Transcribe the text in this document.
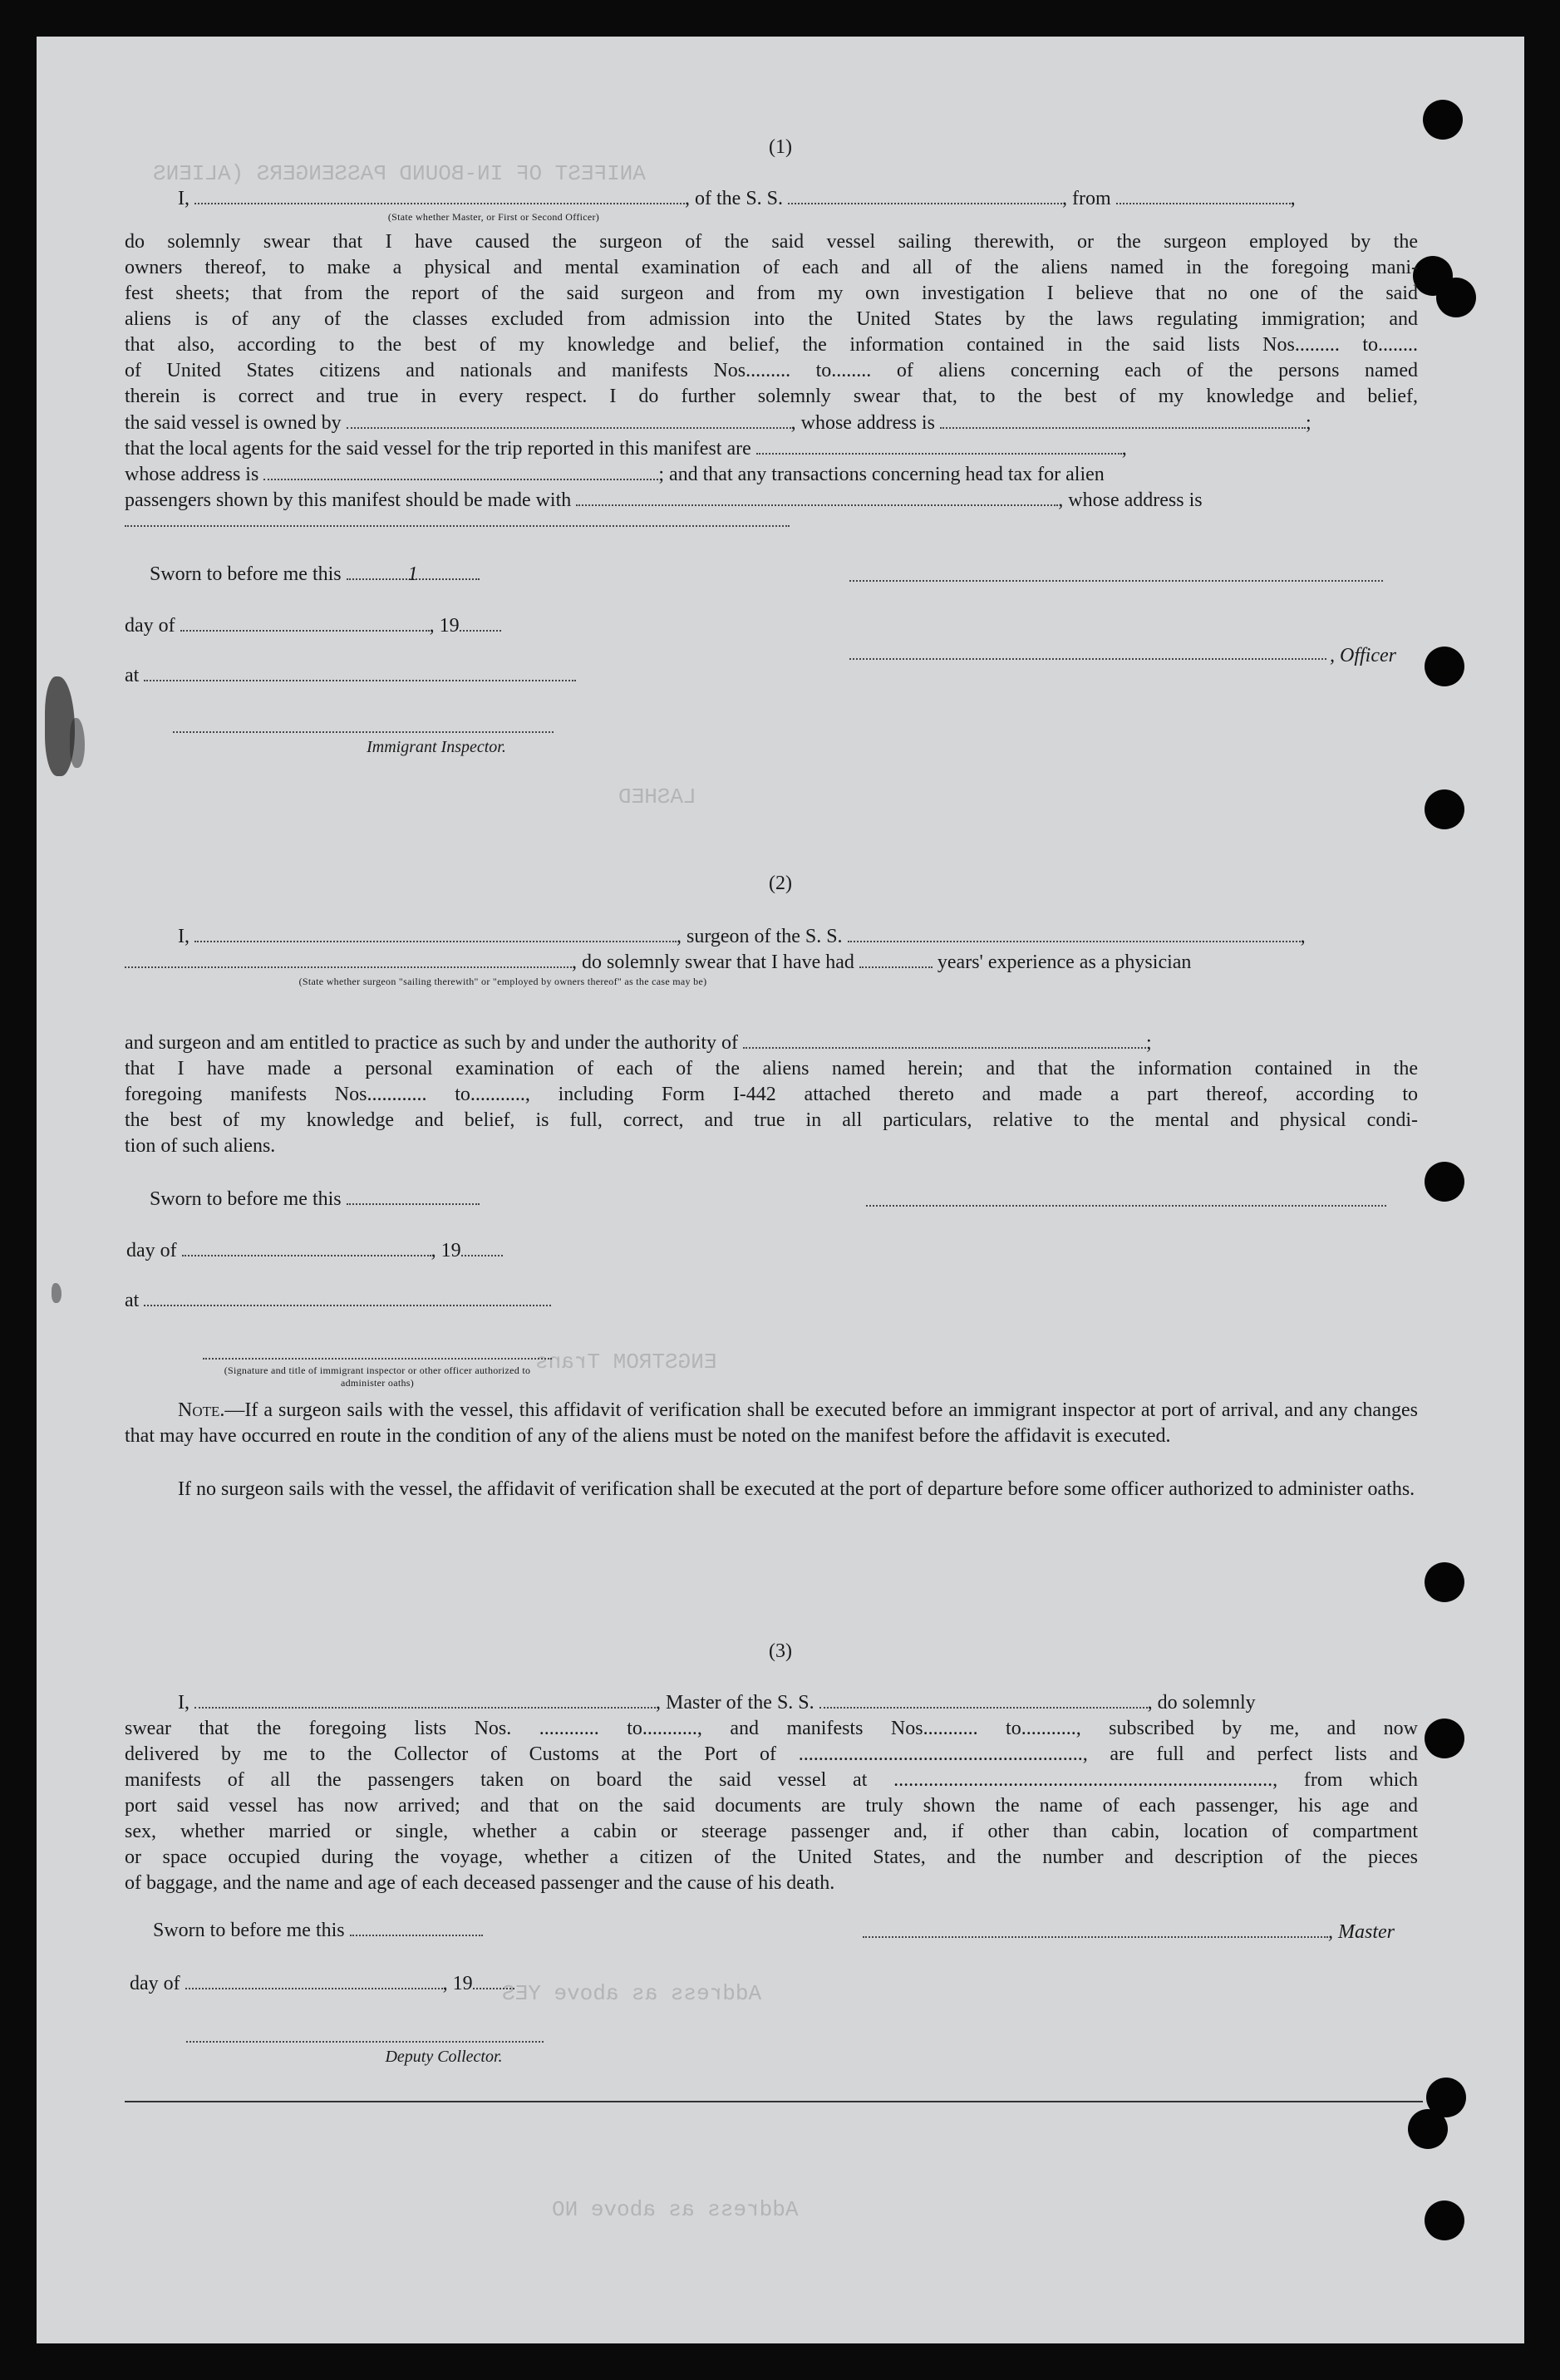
ANIFEST OF IN-BOUND PASSENGERS (ALIENS
LASHED
ENGSTROM Trans
Address as above YES
Address as above NO
(1)
I,	, of the S. S.	, from	,
(State whether Master, or First or Second Officer)
do solemnly swear that I have caused the surgeon of the said vessel sailing therewith, or the surgeon employed by the
owners thereof, to make a physical and mental examination of each and all of the aliens named in the foregoing mani-
fest sheets; that from the report of the said surgeon and from my own investigation I believe that no one of the said
aliens is of any of the classes excluded from admission into the United States by the laws regulating immigration; and
that also, according to the best of my knowledge and belief, the information contained in the said lists Nos......... to........
of United States citizens and nationals and manifests Nos......... to........ of aliens concerning each of the persons named
therein is correct and true in every respect. I do further solemnly swear that, to the best of my knowledge and belief,
the said vessel is owned by	, whose address is	;
that the local agents for the said vessel for the trip reported in this manifest are	,
whose address is	; and that any transactions concerning head tax for alien
passengers shown by this manifest should be made with	, whose address is
Sworn to before me this	1
day of	, 19
, Officer
at
Immigrant Inspector.
(2)
I,	, surgeon of the S. S.	,
, do solemnly swear that I have had	years' experience as a physician
(State whether surgeon "sailing therewith" or "employed by owners thereof" as the case may be)
and surgeon and am entitled to practice as such by and under the authority of	;
that I have made a personal examination of each of the aliens named herein; and that the information contained in the
foregoing manifests Nos............ to..........., including Form I-442 attached thereto and made a part thereof, according to
the best of my knowledge and belief, is full, correct, and true in all particulars, relative to the mental and physical condi-
tion of such aliens.
Sworn to before me this
day of	, 19
at
(Signature and title of immigrant inspector or other officer authorized to administer oaths)
Note.—If a surgeon sails with the vessel, this affidavit of verification shall be executed before an immigrant inspector at port of arrival, and any changes that may have occurred en route in the condition of any of the aliens must be noted on the manifest before the affidavit is executed.
If no surgeon sails with the vessel, the affidavit of verification shall be executed at the port of departure before some officer authorized to administer oaths.
(3)
I,	, Master of the S. S.	, do solemnly
swear that the foregoing lists Nos. ............ to..........., and manifests Nos........... to..........., subscribed by me, and now
delivered by me to the Collector of Customs at the Port of ........................................................., are full and perfect lists and
manifests of all the passengers taken on board the said vessel at ............................................................................, from which
port said vessel has now arrived; and that on the said documents are truly shown the name of each passenger, his age and
sex, whether married or single, whether a cabin or steerage passenger and, if other than cabin, location of compartment
or space occupied during the voyage, whether a citizen of the United States, and the number and description of the pieces
of baggage, and the name and age of each deceased passenger and the cause of his death.
Sworn to before me this	, Master
day of	, 19
Deputy Collector.
